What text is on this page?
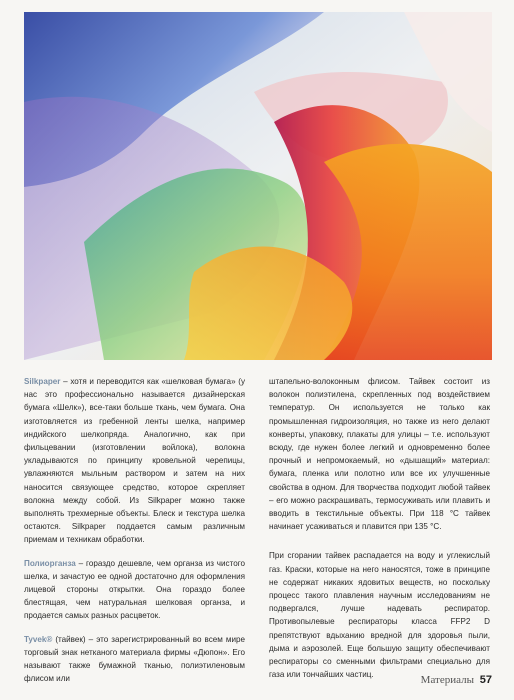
Silkpaper – хотя и переводится как «шелковая бумага» (у нас это профессионально называется дизайнерская бумага «Шелк»), все-таки больше ткань, чем бумага. Она изготовляется из гребенной ленты шелка, например индийского шелкопряда. Аналогично, как при фильцевании (изготовлении войлока), волокна укладываются по принципу кровельной черепицы, увлажняются мыльным раствором и затем на них наносится связующее средство, которое скрепляет волокна между собой. Из Silkpaper можно также выполнять трехмерные объекты. Блеск и текстура шелка остаются. Silkpaper поддается самым различным приемам и техникам обработки.

Полиорганза – гораздо дешевле, чем органза из чистого шелка, и зачастую ее одной достаточно для оформления лицевой стороны открытки. Она гораздо более блестящая, чем натуральная шелковая органза, и продается самых разных расцветок.

Tyvek® (тайвек) – это зарегистрированный во всем мире торговый знак нетканого материала фирмы «Дюпон». Его называют также бумажной тканью, полиэтиленовым флисом или

штапельно-волоконным флисом. Тайвек состоит из волокон полиэтилена, скрепленных под воздействием температур. Он используется не только как промышленная гидроизоляция, но также из него делают конверты, упаковку, плакаты для улицы – т.е. используют всюду, где нужен более легкий и одновременно более прочный и непромокаемый, но «дышащий» материал: бумага, пленка или полотно или все их улучшенные свойства в одном. Для творчества подходит любой тайвек – его можно раскрашивать, термосуживать или плавить и вводить в текстильные объекты. При 118 °C тайвек начинает усаживаться и плавится при 135 °C.

При сгорании тайвек распадается на воду и углекислый газ. Краски, которые на него наносятся, тоже в принципе не содержат никаких ядовитых веществ, но поскольку процесс такого плавления научным исследованиям не подвергался, лучше надевать респиратор. Противопылевые респираторы класса FFP2 D препятствуют вдыханию вредной для здоровья пыли, дыма и аэрозолей. Еще большую защиту обеспечивают респираторы со сменными фильтрами специально для газа или тончайших частиц.	Материалы 57
